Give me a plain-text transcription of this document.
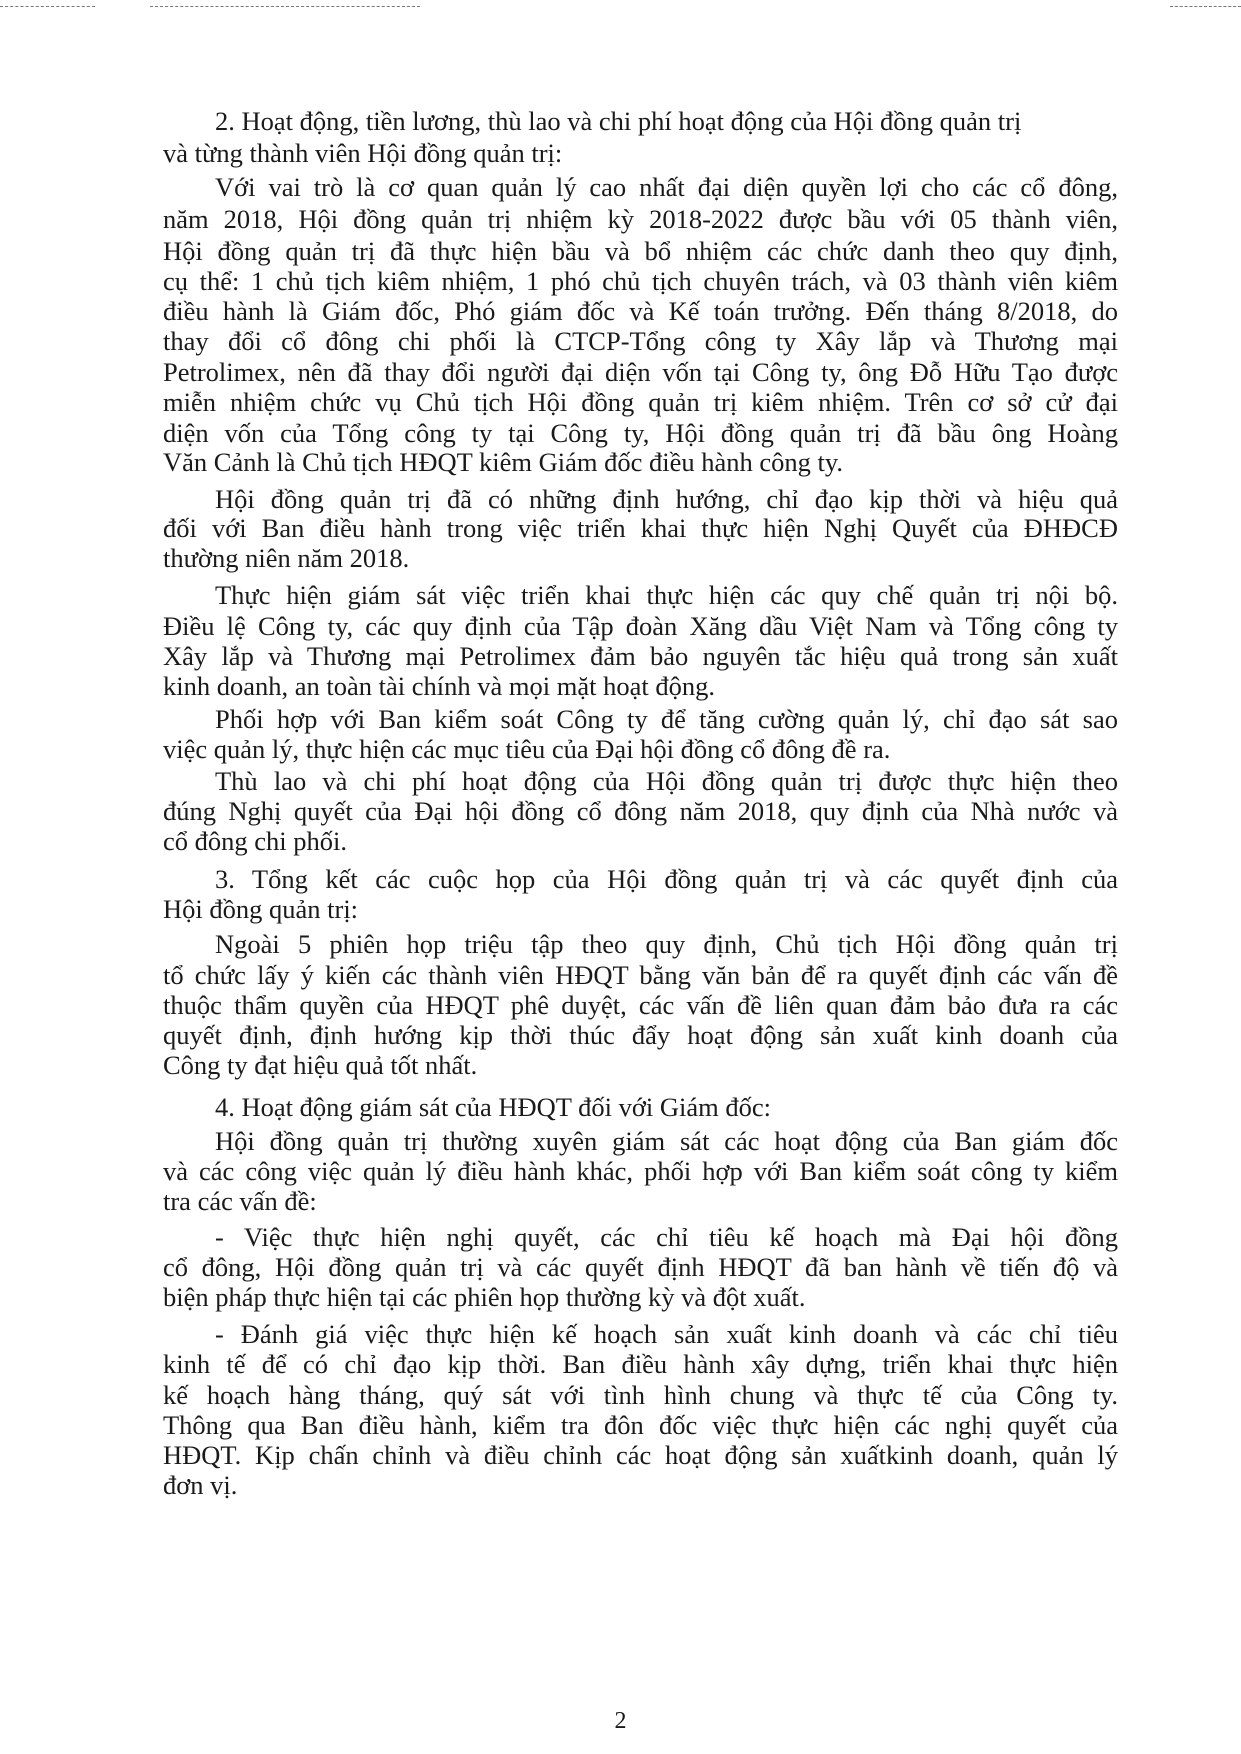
2. Hoạt động, tiền lương, thù lao và chi phí hoạt động của Hội đồng quản trị
và từng thành viên Hội đồng quản trị:
Với vai trò là cơ quan quản lý cao nhất đại diện quyền lợi cho các cổ đông,
năm 2018, Hội đồng quản trị nhiệm kỳ 2018-2022 được bầu với 05 thành viên,
Hội đồng quản trị đã thực hiện bầu và bổ nhiệm các chức danh theo quy định,
cụ thể: 1 chủ tịch kiêm nhiệm, 1 phó chủ tịch chuyên trách, và 03 thành viên kiêm
điều hành là Giám đốc, Phó giám đốc và Kế toán trưởng. Đến tháng 8/2018, do
thay đổi cổ đông chi phối là CTCP-Tổng công ty Xây lắp và Thương mại
Petrolimex, nên đã thay đổi người đại diện vốn tại Công ty, ông Đỗ Hữu Tạo được
miễn nhiệm chức vụ Chủ tịch Hội đồng quản trị kiêm nhiệm. Trên cơ sở cử đại
diện vốn của Tổng công ty tại Công ty, Hội đồng quản trị đã bầu ông Hoàng
Văn Cảnh là Chủ tịch HĐQT kiêm Giám đốc điều hành công ty.
Hội đồng quản trị đã có những định hướng, chỉ đạo kịp thời và hiệu quả
đối với Ban điều hành trong việc triển khai thực hiện Nghị Quyết của ĐHĐCĐ
thường niên năm 2018.
Thực hiện giám sát việc triển khai thực hiện các quy chế quản trị nội bộ.
Điều lệ Công ty, các quy định của Tập đoàn Xăng dầu Việt Nam và Tổng công ty
Xây lắp và Thương mại Petrolimex đảm bảo nguyên tắc hiệu quả trong sản xuất
kinh doanh, an toàn tài chính và mọi mặt hoạt động.
Phối hợp với Ban kiểm soát Công ty để tăng cường quản lý, chỉ đạo sát sao
việc quản lý, thực hiện các mục tiêu của Đại hội đồng cổ đông đề ra.
Thù lao và chi phí hoạt động của Hội đồng quản trị được thực hiện theo
đúng Nghị quyết của Đại hội đồng cổ đông năm 2018, quy định của Nhà nước và
cổ đông chi phối.
3. Tổng kết các cuộc họp của Hội đồng quản trị và các quyết định của
Hội đồng quản trị:
Ngoài 5 phiên họp triệu tập theo quy định, Chủ tịch Hội đồng quản trị
tổ chức lấy ý kiến các thành viên HĐQT bằng văn bản để ra quyết định các vấn đề
thuộc thẩm quyền của HĐQT phê duyệt, các vấn đề liên quan đảm bảo đưa ra các
quyết định, định hướng kịp thời thúc đẩy hoạt động sản xuất kinh doanh của
Công ty đạt hiệu quả tốt nhất.
4. Hoạt động giám sát của HĐQT đối với Giám đốc:
Hội đồng quản trị thường xuyên giám sát các hoạt động của Ban giám đốc
và các công việc quản lý điều hành khác, phối hợp với Ban kiểm soát công ty kiểm
tra các vấn đề:
- Việc thực hiện nghị quyết, các chỉ tiêu kế hoạch mà Đại hội đồng
cổ đông, Hội đồng quản trị và các quyết định HĐQT đã ban hành về tiến độ và
biện pháp thực hiện tại các phiên họp thường kỳ và đột xuất.
- Đánh giá việc thực hiện kế hoạch sản xuất kinh doanh và các chỉ tiêu
kinh tế để có chỉ đạo kịp thời. Ban điều hành xây dựng, triển khai thực hiện
kế hoạch hàng tháng, quý sát với tình hình chung và thực tế của Công ty.
Thông qua Ban điều hành, kiểm tra đôn đốc việc thực hiện các nghị quyết của
HĐQT. Kịp chấn chỉnh và điều chỉnh các hoạt động sản xuấtkinh doanh, quản lý
đơn vị.
2
